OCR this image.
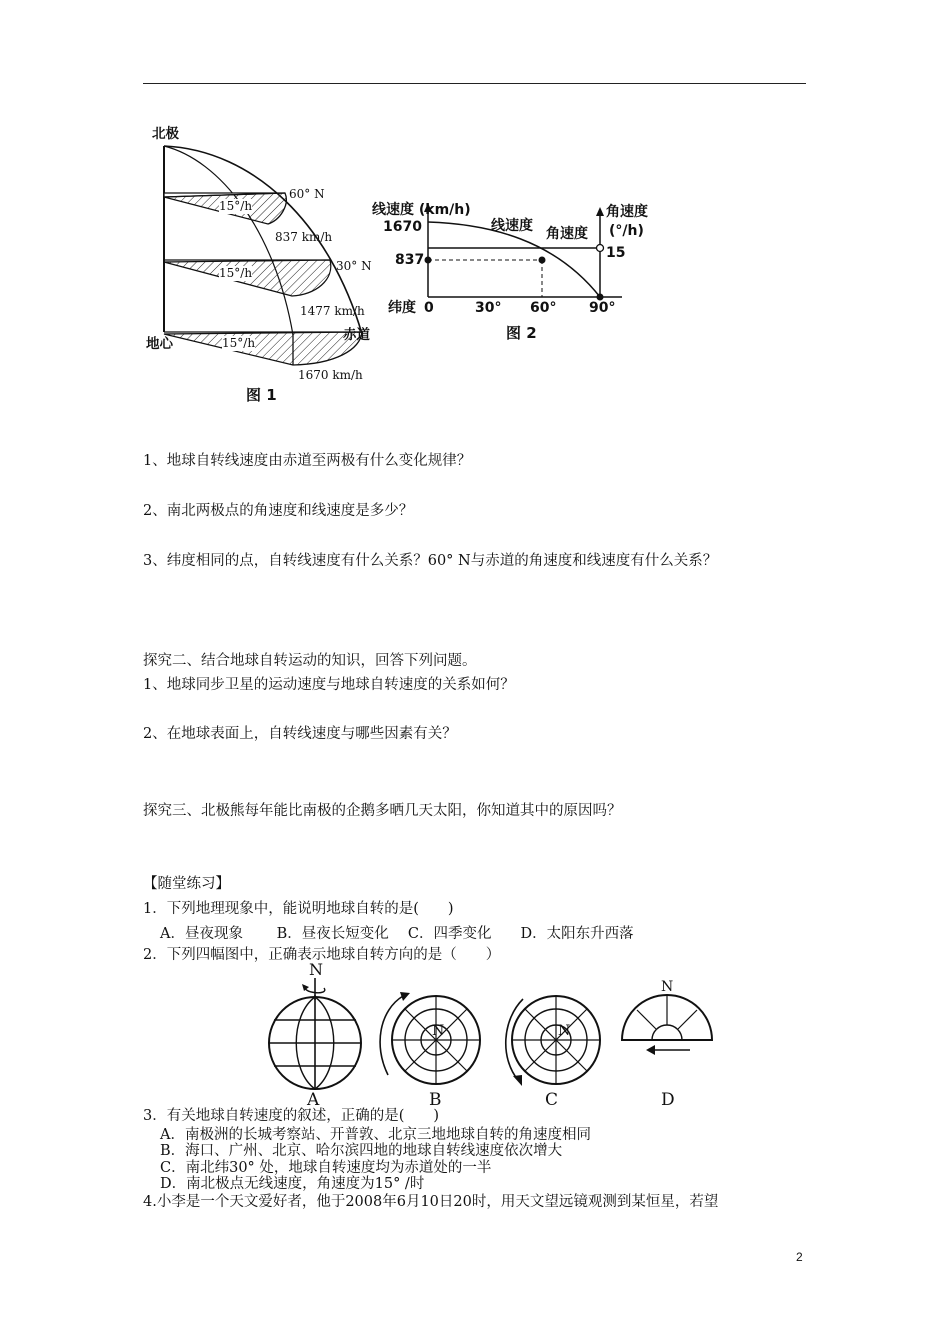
北极
60° N
15°/h
837 km/h
30° N
15°/h
1477 km/h
地心	15°/h	赤道
1670 km/h
图 1
线速度 (km/h)
1670	线速度 角速度
角速度
(°/h)
837	15
纬度 0	30° 60° 90°
图 2
1、地球自转线速度由赤道至两极有什么变化规律？
2、南北两极点的角速度和线速度是多少？
3、纬度相同的点，自转线速度有什么关系？60° N与赤道的角速度和线速度有什么关系？
探究二、结合地球自转运动的知识，回答下列问题。
1、地球同步卫星的运动速度与地球自转速度的关系如何？
2、在地球表面上，自转线速度与哪些因素有关？
探究三、北极熊每年能比南极的企鹅多晒几天太阳，你知道其中的原因吗？
【随堂练习】
1．下列地理现象中，能说明地球自转的是(　　)
A．昼夜现象　　 B．昼夜长短变化　 C．四季变化　　D．太阳东升西落
2．下列四幅图中，正确表示地球自转方向的是（　　）
N
N	N
N
A	B	C	D
3．有关地球自转速度的叙述，正确的是(　　)
A．南极洲的长城考察站、开普敦、北京三地地球自转的角速度相同
B．海口、广州、北京、哈尔滨四地的地球自转线速度依次增大
C．南北纬30° 处，地球自转速度均为赤道处的一半
D．南北极点无线速度，角速度为15° /时
4.小李是一个天文爱好者，他于2008年6月10日20时，用天文望远镜观测到某恒星，若望
2
